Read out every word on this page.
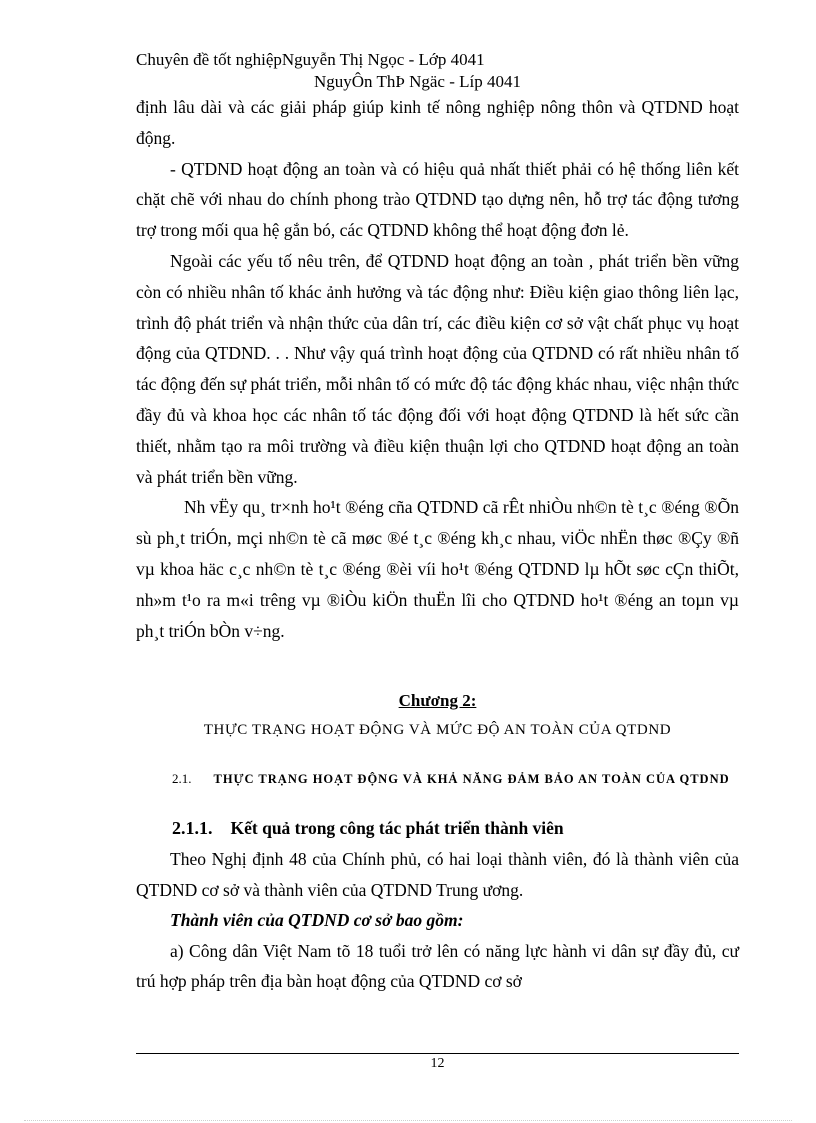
Chuyên đề tốt nghiệpNguyễn Thị Ngọc - Lớp 4041
NguyÔn ThÞ Ngäc - Líp 4041

định lâu dài và các giải pháp giúp kinh tế nông nghiệp nông thôn và QTDND hoạt động.

- QTDND hoạt động an toàn và có hiệu quả nhất thiết phải có hệ thống liên kết chặt chẽ với nhau do chính phong trào QTDND tạo dựng nên, hỗ trợ tác động tương trợ trong mối qua hệ gắn bó, các QTDND không thể hoạt động đơn lẻ.

Ngoài các yếu tố nêu trên, để QTDND hoạt động an toàn , phát triển bền vững còn có nhiều nhân tố khác ảnh hưởng và tác động như: Điều kiện giao thông liên lạc, trình độ phát triển và nhận thức của dân trí, các điều kiện cơ sở vật chất phục vụ hoạt động của QTDND. . . Như vậy quá trình hoạt động của QTDND có rất nhiều nhân tố tác động đến sự phát triển, mỗi nhân tố có mức độ tác động khác nhau, việc nhận thức đầy đủ và khoa học các nhân tố tác động đối với hoạt động QTDND là hết sức cần thiết, nhằm tạo ra môi trường và điều kiện thuận lợi cho QTDND hoạt động an toàn và phát triển bền vững.

Nh vËy qu¸ tr×nh ho¹t ®éng cña QTDND cã rÊt nhiÒu nh©n tè t¸c ®éng ®Õn sù ph¸t triÓn, mçi nh©n tè cã møc ®é t¸c ®éng kh¸c nhau, viÖc nhËn thøc ®Çy ®ñ vµ khoa häc c¸c nh©n tè t¸c ®éng ®èi víi ho¹t ®éng QTDND lµ hÕt søc cÇn thiÕt, nh»m t¹o ra m«i trêng vµ ®iÒu kiÖn thuËn lîi cho QTDND ho¹t ®éng an toµn vµ ph¸t triÓn bÒn v÷ng.

Chương 2:
THỰC TRẠNG HOẠT ĐỘNG VÀ MỨC ĐỘ AN TOÀN CỦA QTDND
2.1. THỰC TRẠNG HOẠT ĐỘNG VÀ KHẢ NĂNG ĐẢM BẢO AN TOÀN CỦA QTDND
2.1.1. Kết quả trong công tác phát triển thành viên

Theo Nghị định 48 của Chính phủ, có hai loại thành viên, đó là thành viên của QTDND cơ sở và thành viên của QTDND Trung ương.

Thành viên của QTDND cơ sở bao gồm:

a) Công dân Việt Nam tõ 18 tuổi trở lên có năng lực hành vi dân sự đầy đủ, cư trú hợp pháp trên địa bàn hoạt động của QTDND cơ sở

12
